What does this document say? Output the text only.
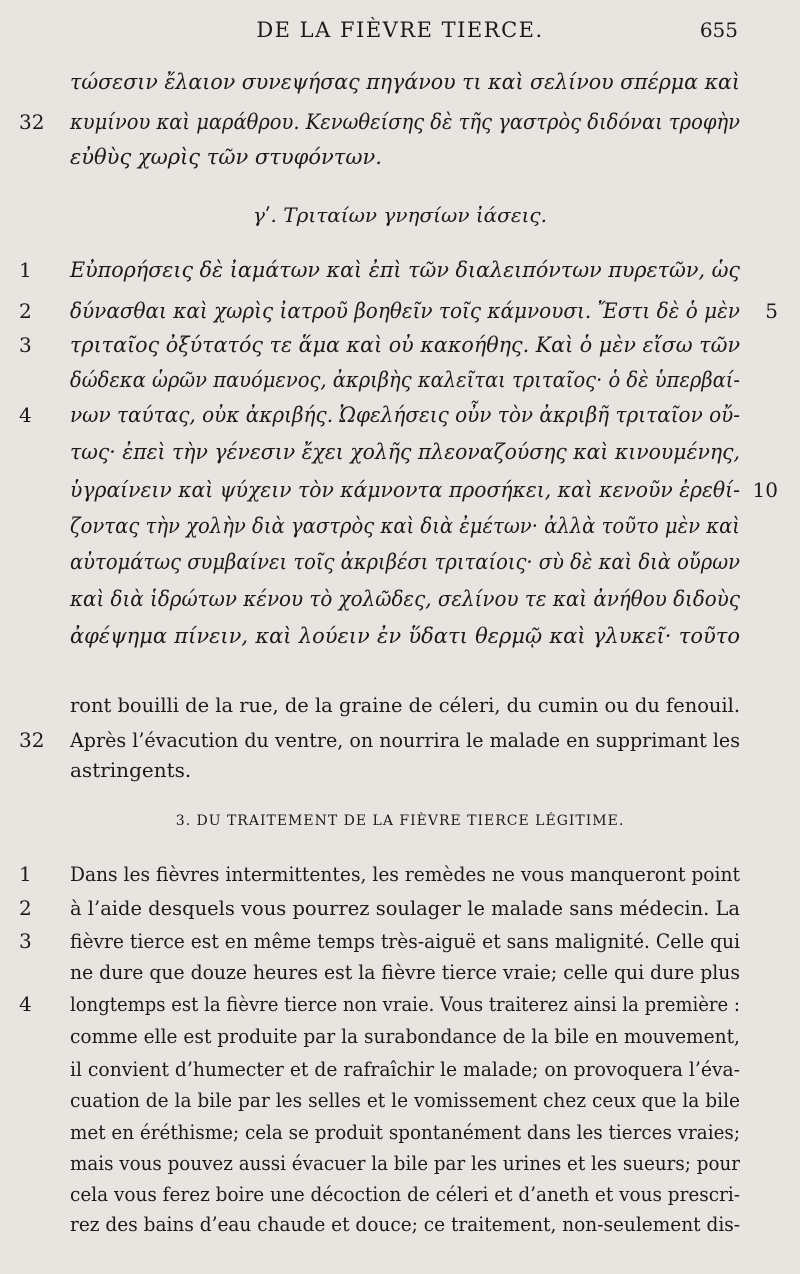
DE LA FIÈVRE TIERCE.	655
γʹ. Τριταίων γνησίων ἰάσεις.
τώσεσιν ἔλαιον συνεψήσας πηγάνου τι καὶ σελίνου σπέρμα καὶ
κυμίνου καὶ μαράθρου. Κενωθείσης δὲ τῆς γαστρὸς διδόναι τροφὴν
32
εὐθὺς χωρὶς τῶν στυφόντων.
Εὐπορήσεις δὲ ἰαμάτων καὶ ἐπὶ τῶν διαλειπόντων πυρετῶν, ὡς
1
δύνασθαι καὶ χωρὶς ἰατροῦ βοηθεῖν τοῖς κάμνουσι. Ἔστι δὲ ὁ μὲν
2	5
τριταῖος ὀξύτατός τε ἅμα καὶ οὐ κακοήθης. Καὶ ὁ μὲν εἴσω τῶν
3
δώδεκα ὡρῶν παυόμενος, ἀκριβὴς καλεῖται τριταῖος· ὁ δὲ ὑπερβαί-
νων ταύτας, οὐκ ἀκριβής. Ὠφελήσεις οὖν τὸν ἀκριβῆ τριταῖον οὔ-
4
τως· ἐπεὶ τὴν γένεσιν ἔχει χολῆς πλεοναζούσης καὶ κινουμένης,
ὑγραίνειν καὶ ψύχειν τὸν κάμνοντα προσήκει, καὶ κενοῦν ἐρεθί- 10
ζοντας τὴν χολὴν διὰ γαστρὸς καὶ διὰ ἐμέτων· ἀλλὰ τοῦτο μὲν καὶ
αὐτομάτως συμβαίνει τοῖς ἀκριβέσι τριταίοις· σὺ δὲ καὶ διὰ οὔρων
καὶ διὰ ἱδρώτων κένου τὸ χολῶδες, σελίνου τε καὶ ἀνήθου διδοὺς
ἀφέψημα πίνειν, καὶ λούειν ἐν ὕδατι θερμῷ καὶ γλυκεῖ· τοῦτο
3. DU TRAITEMENT DE LA FIÈVRE TIERCE LÉGITIME.
ront bouilli de la rue, de la graine de céleri, du cumin ou du fenouil.
Après l’évacution du ventre, on nourrira le malade en supprimant les
32
astringents.
Dans les fièvres intermittentes, les remèdes ne vous manqueront point
1
à l’aide desquels vous pourrez soulager le malade sans médecin. La
2
fièvre tierce est en même temps très-aiguë et sans malignité. Celle qui
3
ne dure que douze heures est la fièvre tierce vraie; celle qui dure plus
longtemps est la fièvre tierce non vraie. Vous traiterez ainsi la première :
4
comme elle est produite par la surabondance de la bile en mouvement,
il convient d’humecter et de rafraîchir le malade; on provoquera l’éva-
cuation de la bile par les selles et le vomissement chez ceux que la bile
met en éréthisme; cela se produit spontanément dans les tierces vraies;
mais vous pouvez aussi évacuer la bile par les urines et les sueurs; pour
cela vous ferez boire une décoction de céleri et d’aneth et vous prescri-
rez des bains d’eau chaude et douce; ce traitement, non-seulement dis-
